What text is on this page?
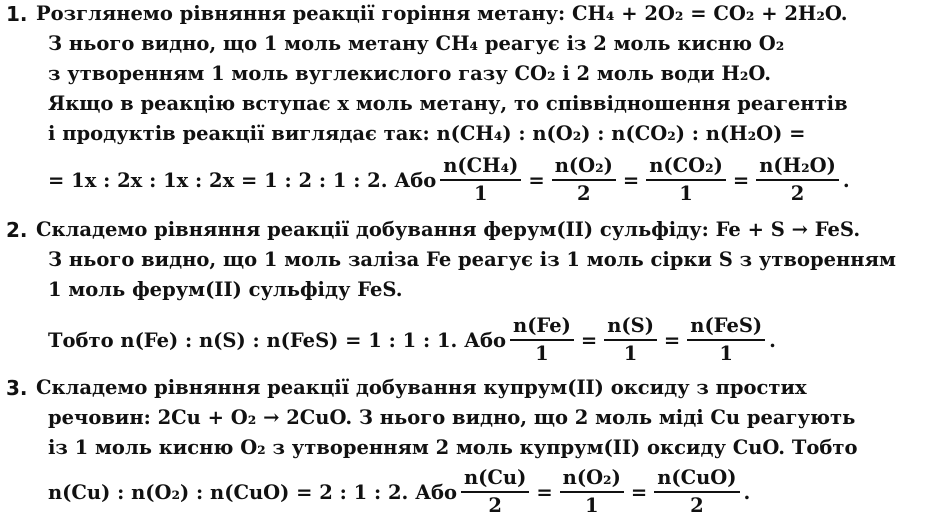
1. Розглянемо рівняння реакції горіння метану: CH₄ + 2O₂ = CO₂ + 2H₂O.
З нього видно, що 1 моль метану CH₄ реагує із 2 моль кисню O₂
з утворенням 1 моль вуглекислого газу CO₂ і 2 моль води H₂O.
Якщо в реакцію вступає x моль метану, то співвідношення реагентів
і продуктів реакції виглядає так: n(CH₄) : n(O₂) : n(CO₂) : n(H₂O) =
= 1x : 2x : 1x : 2x = 1 : 2 : 1 : 2. Або $\frac{\text{n(CH₄)}}{1} = \frac{\text{n(O₂)}}{2} = \frac{\text{n(CO₂)}}{1} = \frac{\text{n(H₂O)}}{2}$ .
2. Складемо рівняння реакції добування ферум(ІІ) сульфіду: Fe + S → FeS.
З нього видно, що 1 моль заліза Fe реагує із 1 моль сірки S з утворенням
1 моль ферум(ІІ) сульфіду FeS.
Тобто n(Fe) : n(S) : n(FeS) = 1 : 1 : 1. Або $\frac{n(Fe)}{1} = \frac{n(S)}{1} = \frac{\text{n(FeS)}}{1}$ .
3. Складемо рівняння реакції добування купрум(ІІ) оксиду з простих
речовин: 2Cu + O₂ → 2CuO. З нього видно, що 2 моль міді Cu реагують
із 1 моль кисню O₂ з утворенням 2 моль купрум(ІІ) оксиду CuO. Тобто
n(Cu) : n(O₂) : n(CuO) = 2 : 1 : 2. Або $\frac{n(Cu)}{2} = \frac{\text{n(O₂)}}{1} = \frac{\text{n(CuO)}}{2}$ .
